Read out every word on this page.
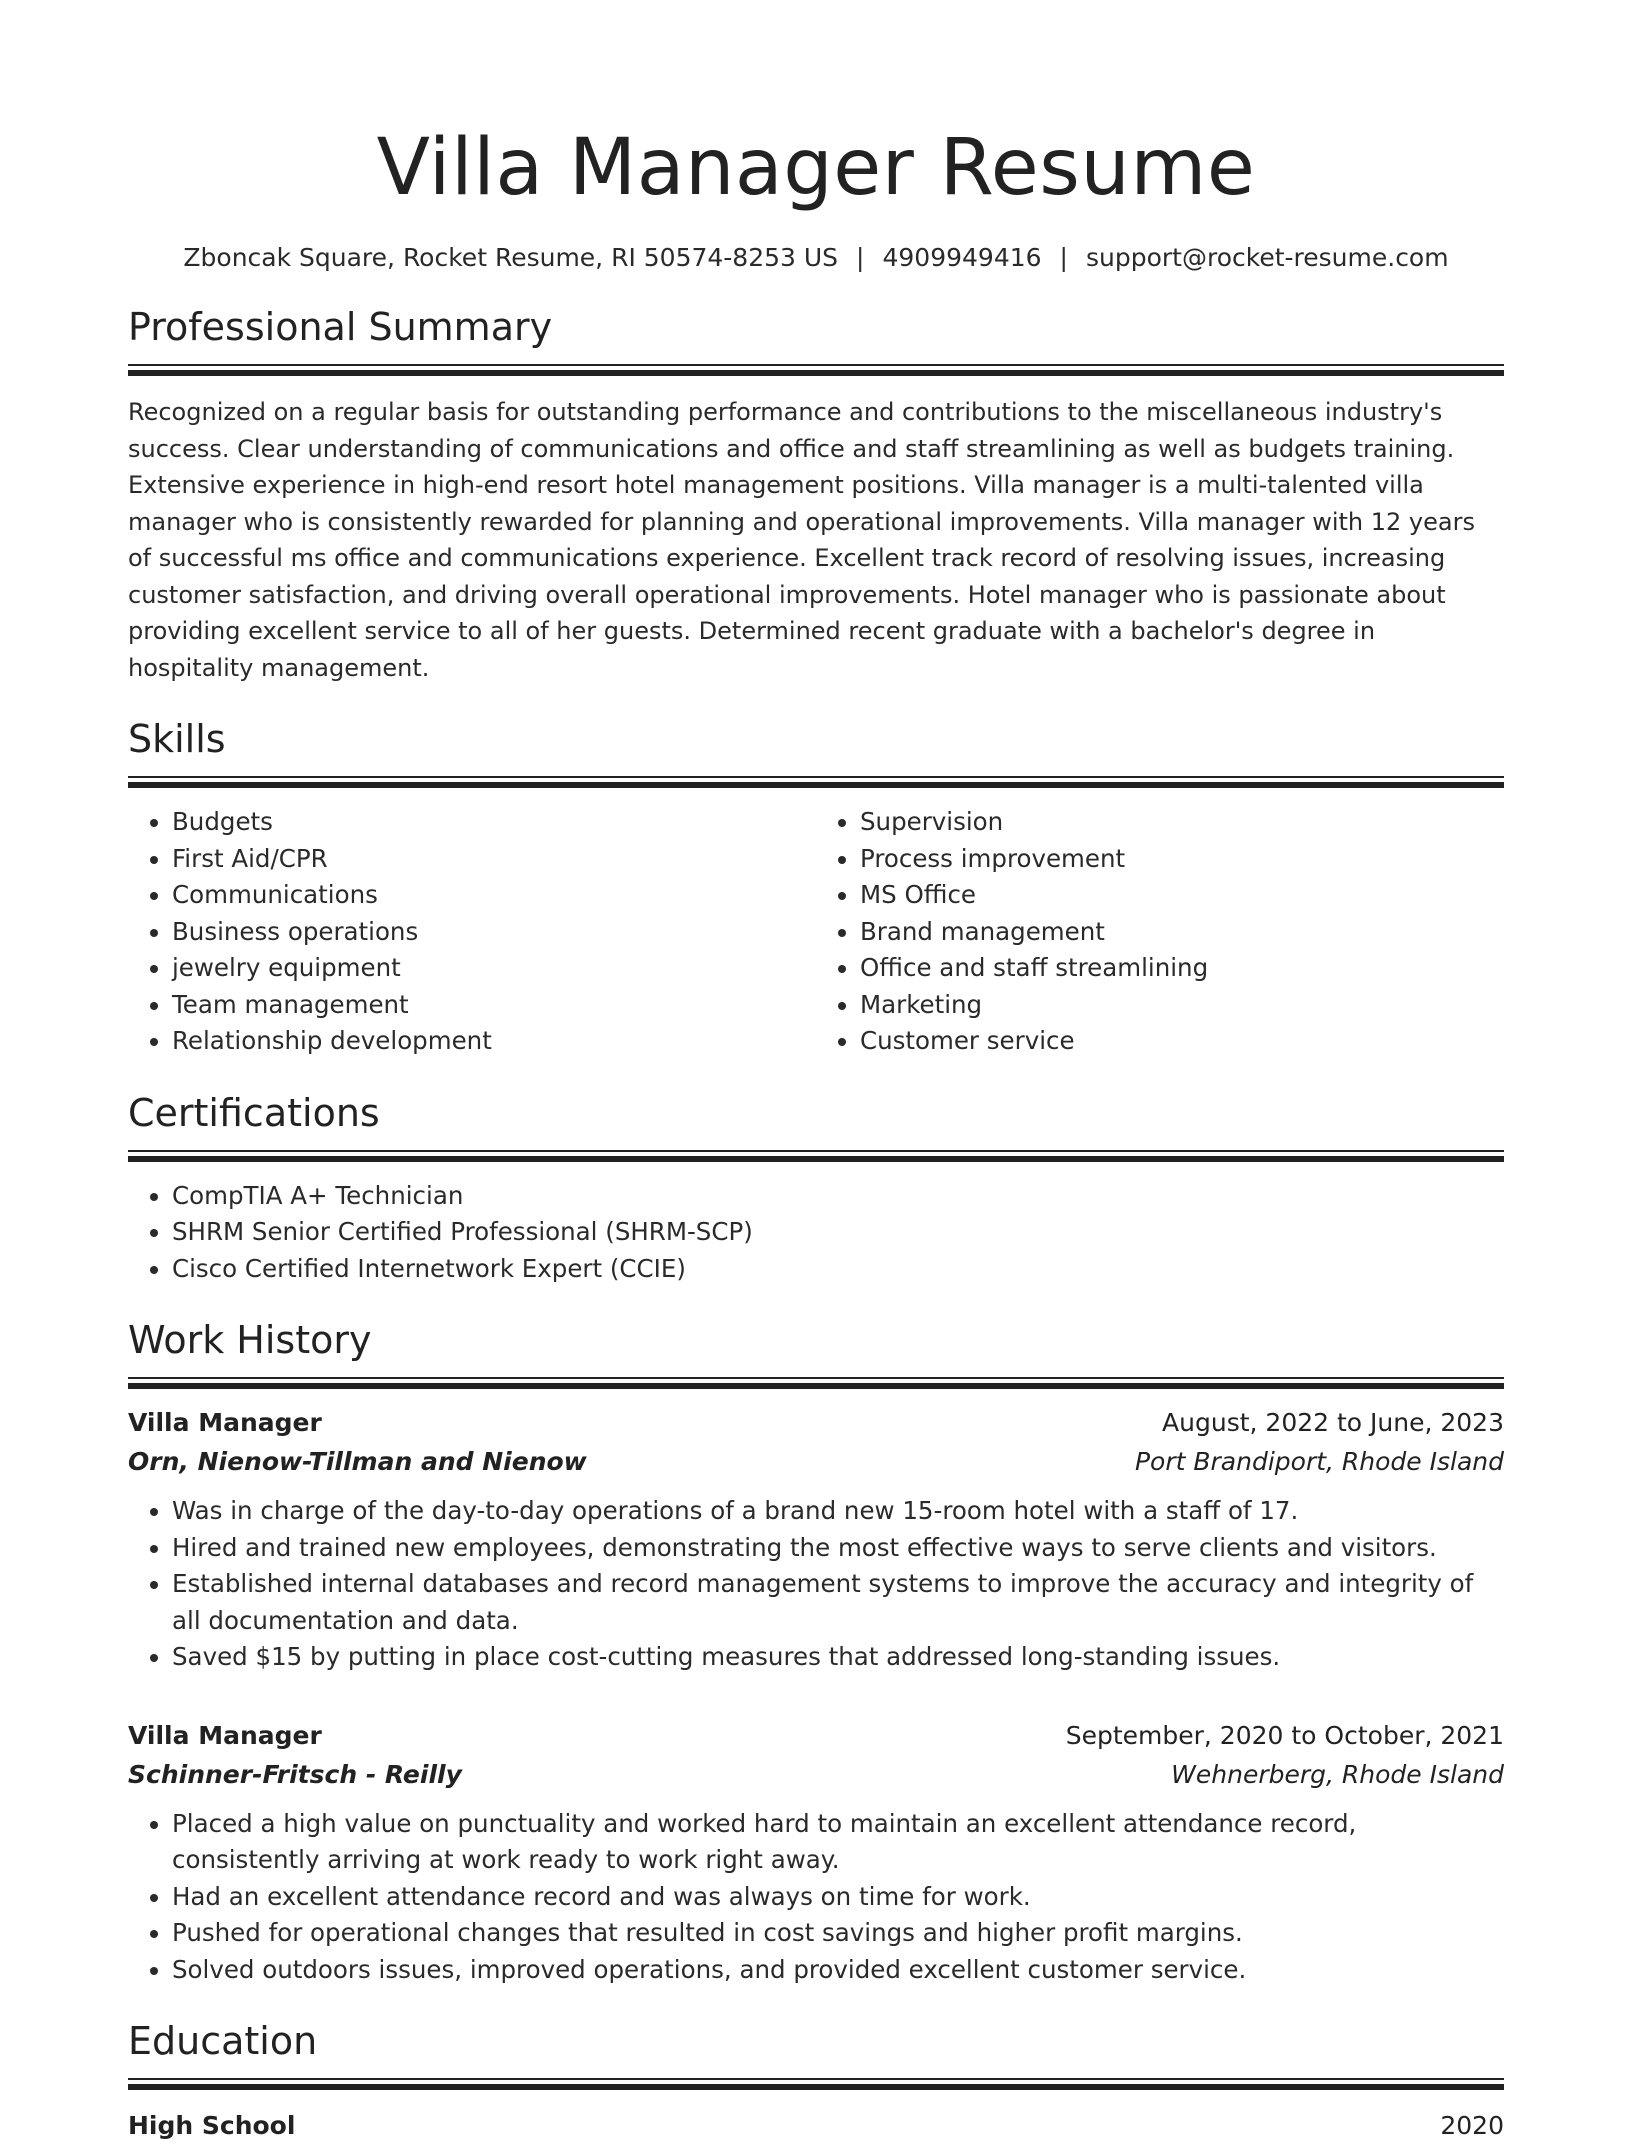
Villa Manager Resume
Zboncak Square, Rocket Resume, RI 50574-8253 US | 4909949416 | support@rocket-resume.com
Professional Summary
Recognized on a regular basis for outstanding performance and contributions to the miscellaneous industry's success. Clear understanding of communications and office and staff streamlining as well as budgets training. Extensive experience in high-end resort hotel management positions. Villa manager is a multi-talented villa manager who is consistently rewarded for planning and operational improvements. Villa manager with 12 years of successful ms office and communications experience. Excellent track record of resolving issues, increasing customer satisfaction, and driving overall operational improvements. Hotel manager who is passionate about providing excellent service to all of her guests. Determined recent graduate with a bachelor's degree in hospitality management.
Skills
• Budgets
• First Aid/CPR
• Communications
• Business operations
• jewelry equipment
• Team management
• Relationship development
• Supervision
• Process improvement
• MS Office
• Brand management
• Office and staff streamlining
• Marketing
• Customer service
Certifications
• CompTIA A+ Technician
• SHRM Senior Certified Professional (SHRM-SCP)
• Cisco Certified Internetwork Expert (CCIE)
Work History
Villa Manager	August, 2022 to June, 2023
Orn, Nienow-Tillman and Nienow	Port Brandiport, Rhode Island
• Was in charge of the day-to-day operations of a brand new 15-room hotel with a staff of 17.
• Hired and trained new employees, demonstrating the most effective ways to serve clients and visitors.
• Established internal databases and record management systems to improve the accuracy and integrity of all documentation and data.
• Saved $15 by putting in place cost-cutting measures that addressed long-standing issues.
Villa Manager	September, 2020 to October, 2021
Schinner-Fritsch - Reilly	Wehnerberg, Rhode Island
• Placed a high value on punctuality and worked hard to maintain an excellent attendance record, consistently arriving at work ready to work right away.
• Had an excellent attendance record and was always on time for work.
• Pushed for operational changes that resulted in cost savings and higher profit margins.
• Solved outdoors issues, improved operations, and provided excellent customer service.
Education
High School	2020
